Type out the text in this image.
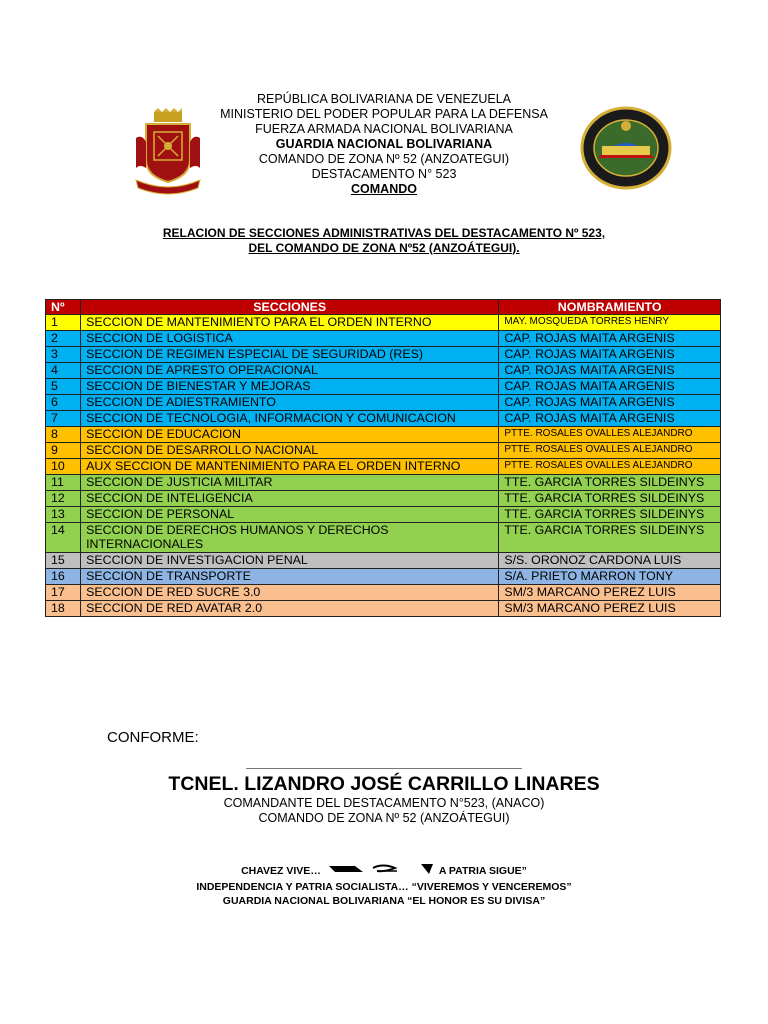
REPÚBLICA BOLIVARIANA DE VENEZUELA
MINISTERIO DEL PODER POPULAR PARA LA DEFENSA
FUERZA ARMADA NACIONAL BOLIVARIANA
GUARDIA NACIONAL BOLIVARIANA
COMANDO DE ZONA Nº 52 (ANZOATEGUI)
DESTACAMENTO N° 523
COMANDO
RELACION DE SECCIONES ADMINISTRATIVAS DEL DESTACAMENTO Nº 523,
DEL COMANDO DE ZONA Nº52 (ANZOÁTEGUI).
Nº	SECCIONES	NOMBRAMIENTO
1	SECCION DE MANTENIMIENTO PARA EL ORDEN INTERNO	MAY. MOSQUEDA TORRES HENRY
2	SECCION DE LOGISTICA	CAP. ROJAS MAITA ARGENIS
3	SECCION DE REGIMEN ESPECIAL DE SEGURIDAD (RES)	CAP. ROJAS MAITA ARGENIS
4	SECCION DE APRESTO OPERACIONAL	CAP. ROJAS MAITA ARGENIS
5	SECCION DE BIENESTAR Y MEJORAS	CAP. ROJAS MAITA ARGENIS
6	SECCION DE ADIESTRAMIENTO	CAP. ROJAS MAITA ARGENIS
7	SECCION DE TECNOLOGIA, INFORMACION Y COMUNICACION	CAP. ROJAS MAITA ARGENIS
8	SECCION DE EDUCACION	PTTE. ROSALES OVALLES ALEJANDRO
9	SECCION DE DESARROLLO NACIONAL	PTTE. ROSALES OVALLES ALEJANDRO
10	AUX SECCION DE MANTENIMIENTO PARA EL ORDEN INTERNO	PTTE. ROSALES OVALLES ALEJANDRO
11	SECCION DE JUSTICIA MILITAR	TTE. GARCIA TORRES SILDEINYS
12	SECCION DE INTELIGENCIA	TTE. GARCIA TORRES SILDEINYS
13	SECCION DE PERSONAL	TTE. GARCIA TORRES SILDEINYS
14	SECCION DE DERECHOS HUMANOS Y DERECHOS INTERNACIONALES	TTE. GARCIA TORRES SILDEINYS
15	SECCION DE INVESTIGACION PENAL	S/S. ORONOZ CARDONA LUIS
16	SECCION DE TRANSPORTE	S/A. PRIETO MARRON TONY
17	SECCION DE RED SUCRE 3.0	SM/3 MARCANO PEREZ LUIS
18	SECCION DE RED AVATAR 2.0	SM/3 MARCANO PEREZ LUIS
CONFORME:
TCNEL. LIZANDRO JOSÉ CARRILLO LINARES
COMANDANTE DEL DESTACAMENTO N°523, (ANACO)
COMANDO DE ZONA Nº 52 (ANZOÁTEGUI)
CHAVEZ VIVE…	A PATRIA SIGUE”
INDEPENDENCIA Y PATRIA SOCIALISTA… “VIVEREMOS Y VENCEREMOS”
GUARDIA NACIONAL BOLIVARIANA “EL HONOR ES SU DIVISA”
